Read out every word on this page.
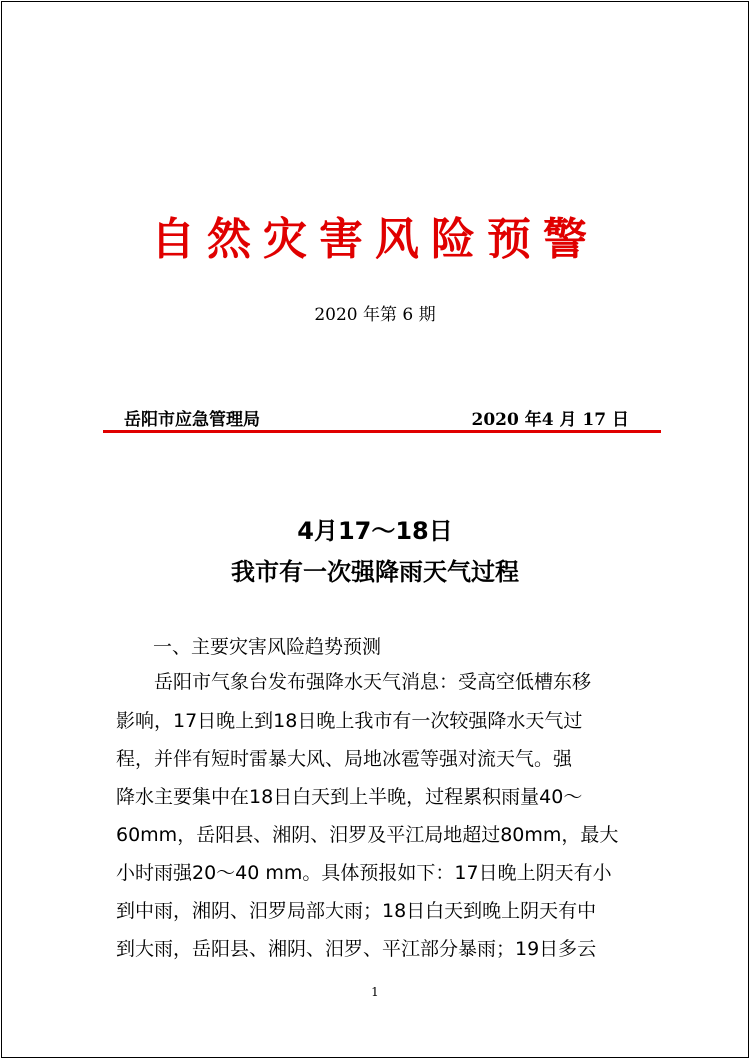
自然灾害风险预警
2020 年第 6 期
岳阳市应急管理局	2020 年4 月 17 日
4月17～18日
我市有一次强降雨天气过程
一、主要灾害风险趋势预测
岳阳市气象台发布强降水天气消息：受高空低槽东移
影响，17日晚上到18日晚上我市有一次较强降水天气过
程，并伴有短时雷暴大风、局地冰雹等强对流天气。强
降水主要集中在18日白天到上半晚，过程累积雨量40～
60mm，岳阳县、湘阴、汨罗及平江局地超过80mm，最大
小时雨强20～40 mm。具体预报如下：17日晚上阴天有小
到中雨，湘阴、汨罗局部大雨；18日白天到晚上阴天有中
到大雨，岳阳县、湘阴、汨罗、平江部分暴雨；19日多云
1
